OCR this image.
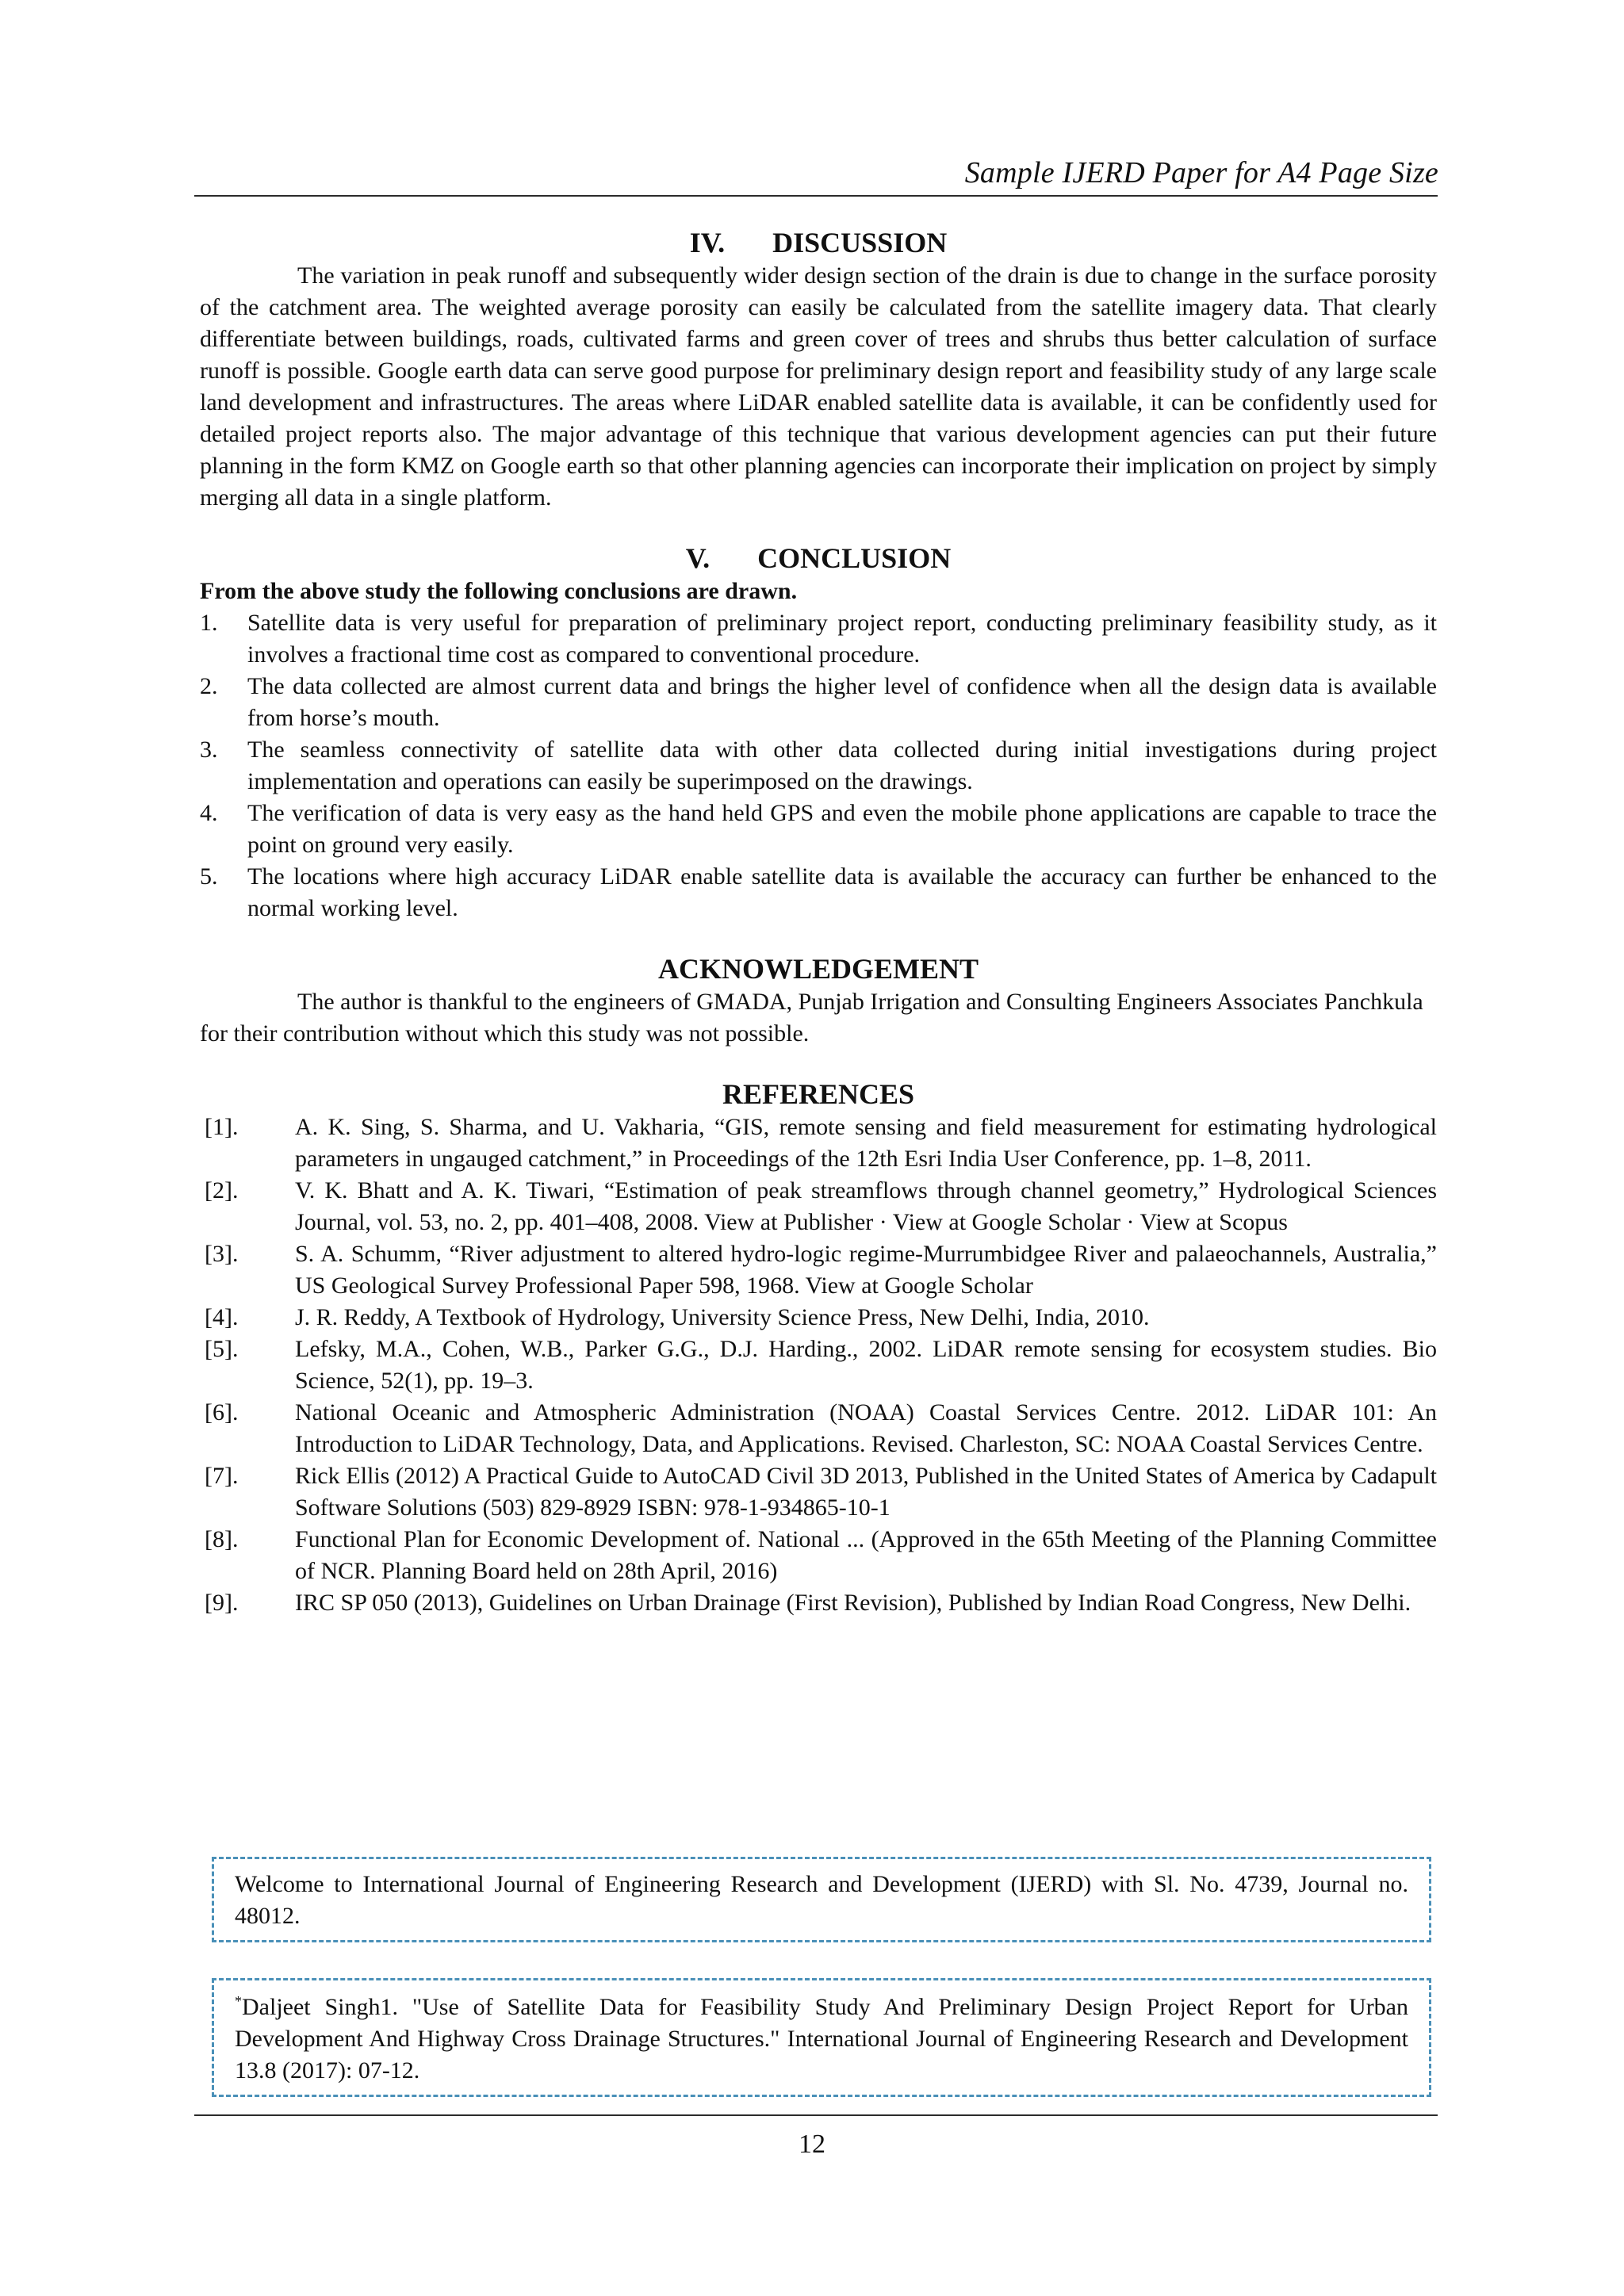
Sample IJERD Paper for A4 Page Size
IV. DISCUSSION

The variation in peak runoff and subsequently wider design section of the drain is due to change in the surface porosity of the catchment area. The weighted average porosity can easily be calculated from the satellite imagery data. That clearly differentiate between buildings, roads, cultivated farms and green cover of trees and shrubs thus better calculation of surface runoff is possible. Google earth data can serve good purpose for preliminary design report and feasibility study of any large scale land development and infrastructures. The areas where LiDAR enabled satellite data is available, it can be confidently used for detailed project reports also. The major advantage of this technique that various development agencies can put their future planning in the form KMZ on Google earth so that other planning agencies can incorporate their implication on project by simply merging all data in a single platform.

V. CONCLUSION

From the above study the following conclusions are drawn.

1.	Satellite data is very useful for preparation of preliminary project report, conducting preliminary feasibility study, as it involves a fractional time cost as compared to conventional procedure.
2.	The data collected are almost current data and brings the higher level of confidence when all the design data is available from horse’s mouth.
3.	The seamless connectivity of satellite data with other data collected during initial investigations during project implementation and operations can easily be superimposed on the drawings.
4.	The verification of data is very easy as the hand held GPS and even the mobile phone applications are capable to trace the point on ground very easily.
5.	The locations where high accuracy LiDAR enable satellite data is available the accuracy can further be enhanced to the normal working level.
ACKNOWLEDGEMENT

The author is thankful to the engineers of GMADA, Punjab Irrigation and Consulting Engineers Associates Panchkula for their contribution without which this study was not possible.

REFERENCES
[1].	A. K. Sing, S. Sharma, and U. Vakharia, “GIS, remote sensing and field measurement for estimating hydrological parameters in ungauged catchment,” in Proceedings of the 12th Esri India User Conference, pp. 1–8, 2011.
[2].	V. K. Bhatt and A. K. Tiwari, “Estimation of peak streamflows through channel geometry,” Hydrological Sciences Journal, vol. 53, no. 2, pp. 401–408, 2008. View at Publisher · View at Google Scholar · View at Scopus
[3].	S. A. Schumm, “River adjustment to altered hydro-logic regime-Murrumbidgee River and palaeochannels, Australia,” US Geological Survey Professional Paper 598, 1968. View at Google Scholar
[4].	J. R. Reddy, A Textbook of Hydrology, University Science Press, New Delhi, India, 2010.
[5].	Lefsky, M.A., Cohen, W.B., Parker G.G., D.J. Harding., 2002. LiDAR remote sensing for ecosystem studies. Bio Science, 52(1), pp. 19–3.
[6].	National Oceanic and Atmospheric Administration (NOAA) Coastal Services Centre. 2012. LiDAR 101: An Introduction to LiDAR Technology, Data, and Applications. Revised. Charleston, SC: NOAA Coastal Services Centre.
[7].	Rick Ellis (2012) A Practical Guide to AutoCAD Civil 3D 2013, Published in the United States of America by Cadapult Software Solutions (503) 829-8929 ISBN: 978-1-934865-10-1
[8].	Functional Plan for Economic Development of. National ... (Approved in the 65th Meeting of the Planning Committee of NCR. Planning Board held on 28th April, 2016)
[9].	IRC SP 050 (2013), Guidelines on Urban Drainage (First Revision), Published by Indian Road Congress, New Delhi.
Welcome to International Journal of Engineering Research and Development (IJERD) with Sl. No. 4739, Journal no. 48012.
*Daljeet Singh1. "Use of Satellite Data for Feasibility Study And Preliminary Design Project Report for Urban Development And Highway Cross Drainage Structures." International Journal of Engineering Research and Development 13.8 (2017): 07-12.
12
